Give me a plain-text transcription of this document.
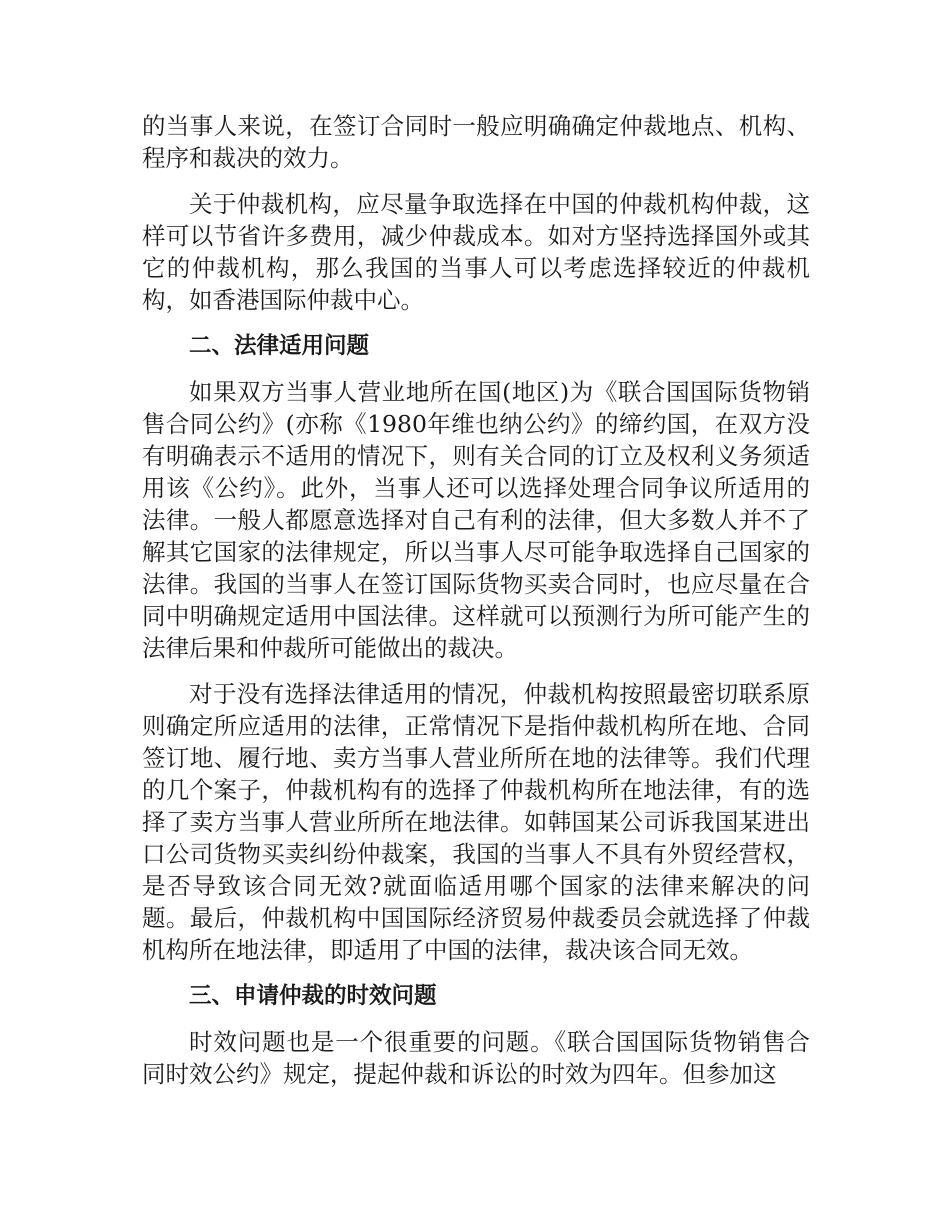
的当事人来说，在签订合同时一般应明确确定仲裁地点、机构、程序和裁决的效力。

关于仲裁机构，应尽量争取选择在中国的仲裁机构仲裁，这样可以节省许多费用，减少仲裁成本。如对方坚持选择国外或其它的仲裁机构，那么我国的当事人可以考虑选择较近的仲裁机构，如香港国际仲裁中心。

二、法律适用问题

如果双方当事人营业地所在国(地区)为《联合国国际货物销售合同公约》(亦称《1980年维也纳公约》的缔约国，在双方没有明确表示不适用的情况下，则有关合同的订立及权利义务须适用该《公约》。此外，当事人还可以选择处理合同争议所适用的法律。一般人都愿意选择对自己有利的法律，但大多数人并不了解其它国家的法律规定，所以当事人尽可能争取选择自己国家的法律。我国的当事人在签订国际货物买卖合同时，也应尽量在合同中明确规定适用中国法律。这样就可以预测行为所可能产生的法律后果和仲裁所可能做出的裁决。

对于没有选择法律适用的情况，仲裁机构按照最密切联系原则确定所应适用的法律，正常情况下是指仲裁机构所在地、合同签订地、履行地、卖方当事人营业所所在地的法律等。我们代理的几个案子，仲裁机构有的选择了仲裁机构所在地法律，有的选择了卖方当事人营业所所在地法律。如韩国某公司诉我国某进出口公司货物买卖纠纷仲裁案，我国的当事人不具有外贸经营权，是否导致该合同无效?就面临适用哪个国家的法律来解决的问题。最后，仲裁机构中国国际经济贸易仲裁委员会就选择了仲裁机构所在地法律，即适用了中国的法律，裁决该合同无效。

三、申请仲裁的时效问题

时效问题也是一个很重要的问题。《联合国国际货物销售合同时效公约》规定，提起仲裁和诉讼的时效为四年。但参加这
